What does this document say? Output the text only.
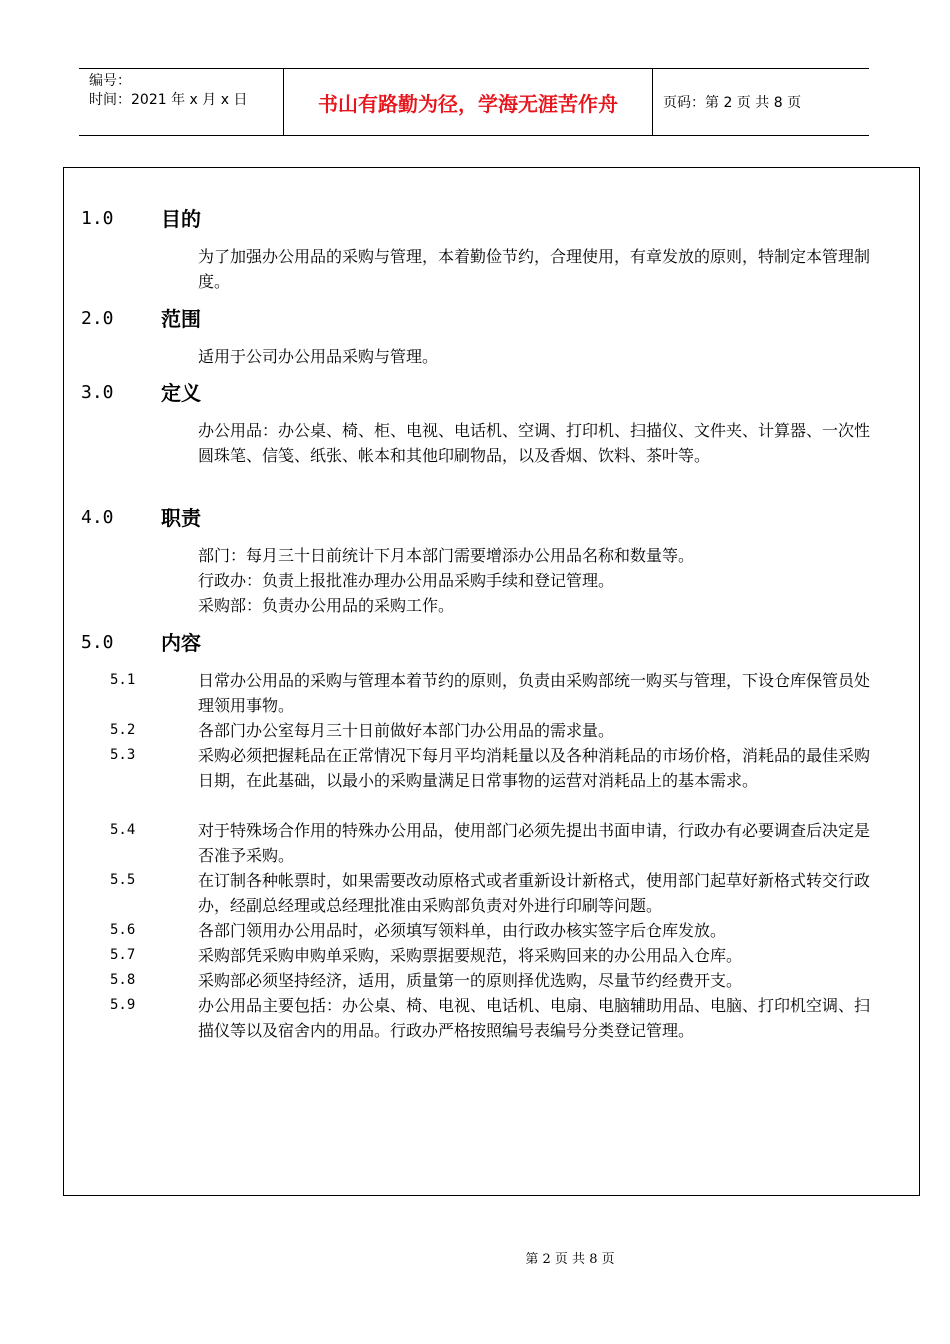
编号：
时间：2021 年 x 月 x 日	书山有路勤为径，学海无涯苦作舟	页码：第 2 页 共 8 页
1.0	目的
为了加强办公用品的采购与管理，本着勤俭节约，合理使用，有章发放的原则，特制定本管理制度。
2.0	范围
适用于公司办公用品采购与管理。
3.0	定义
办公用品：办公桌、椅、柜、电视、电话机、空调、打印机、扫描仪、文件夹、计算器、一次性圆珠笔、信笺、纸张、帐本和其他印刷物品，以及香烟、饮料、茶叶等。
4.0	职责
部门：每月三十日前统计下月本部门需要增添办公用品名称和数量等。
行政办：负责上报批准办理办公用品采购手续和登记管理。
采购部：负责办公用品的采购工作。
5.0	内容
5.1	日常办公用品的采购与管理本着节约的原则，负责由采购部统一购买与管理，下设仓库保管员处理领用事物。
5.2	各部门办公室每月三十日前做好本部门办公用品的需求量。
5.3	采购必须把握耗品在正常情况下每月平均消耗量以及各种消耗品的市场价格，消耗品的最佳采购日期，在此基础，以最小的采购量满足日常事物的运营对消耗品上的基本需求。
5.4	对于特殊场合作用的特殊办公用品，使用部门必须先提出书面申请，行政办有必要调查后决定是否准予采购。
5.5	在订制各种帐票时，如果需要改动原格式或者重新设计新格式，使用部门起草好新格式转交行政办，经副总经理或总经理批准由采购部负责对外进行印刷等问题。
5.6	各部门领用办公用品时，必须填写领料单，由行政办核实签字后仓库发放。
5.7	采购部凭采购申购单采购，采购票据要规范，将采购回来的办公用品入仓库。
5.8	采购部必须坚持经济，适用，质量第一的原则择优选购，尽量节约经费开支。
5.9	办公用品主要包括：办公桌、椅、电视、电话机、电扇、电脑辅助用品、电脑、打印机空调、扫描仪等以及宿舍内的用品。行政办严格按照编号表编号分类登记管理。
第 2 页 共 8 页
